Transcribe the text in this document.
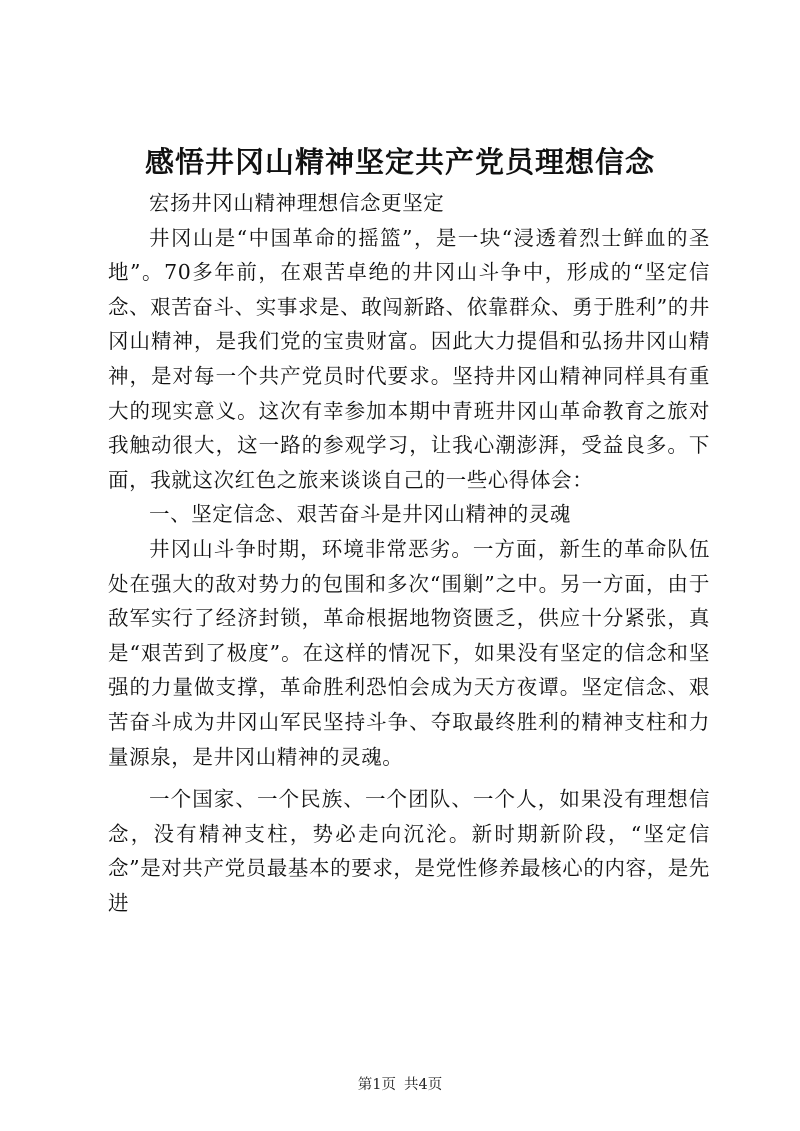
感悟井冈山精神坚定共产党员理想信念

宏扬井冈山精神理想信念更坚定

井冈山是“中国革命的摇篮”，是一块“浸透着烈士鲜血的圣地”。70多年前，在艰苦卓绝的井冈山斗争中，形成的“坚定信念、艰苦奋斗、实事求是、敢闯新路、依靠群众、勇于胜利”的井冈山精神，是我们党的宝贵财富。因此大力提倡和弘扬井冈山精神，是对每一个共产党员时代要求。坚持井冈山精神同样具有重大的现实意义。这次有幸参加本期中青班井冈山革命教育之旅对我触动很大，这一路的参观学习，让我心潮澎湃，受益良多。下面，我就这次红色之旅来谈谈自己的一些心得体会：

一、坚定信念、艰苦奋斗是井冈山精神的灵魂

井冈山斗争时期，环境非常恶劣。一方面，新生的革命队伍处在强大的敌对势力的包围和多次“围剿”之中。另一方面，由于敌军实行了经济封锁，革命根据地物资匮乏，供应十分紧张，真是“艰苦到了极度”。在这样的情况下，如果没有坚定的信念和坚强的力量做支撑，革命胜利恐怕会成为天方夜谭。坚定信念、艰苦奋斗成为井冈山军民坚持斗争、夺取最终胜利的精神支柱和力量源泉，是井冈山精神的灵魂。

一个国家、一个民族、一个团队、一个人，如果没有理想信念，没有精神支柱，势必走向沉沦。新时期新阶段，“坚定信念”是对共产党员最基本的要求，是党性修养最核心的内容，是先进

第1页 共4页
